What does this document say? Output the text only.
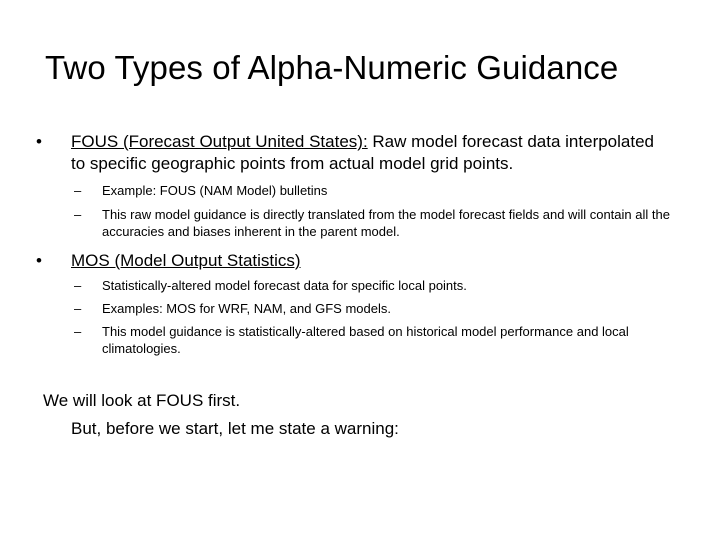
Two Types of Alpha-Numeric Guidance
•	FOUS (Forecast Output United States): Raw model forecast data interpolated to specific geographic points from actual model grid points.
–	Example: FOUS (NAM Model) bulletins
–	This raw model guidance is directly translated from the model forecast fields and will contain all the accuracies and biases inherent in the parent model.
•	MOS (Model Output Statistics)
–	Statistically-altered model forecast data for specific local points.
–	Examples: MOS for WRF, NAM, and GFS models.
–	This model guidance is statistically-altered based on historical model performance and local climatologies.
We will look at FOUS first.
But, before we start, let me state a warning:
